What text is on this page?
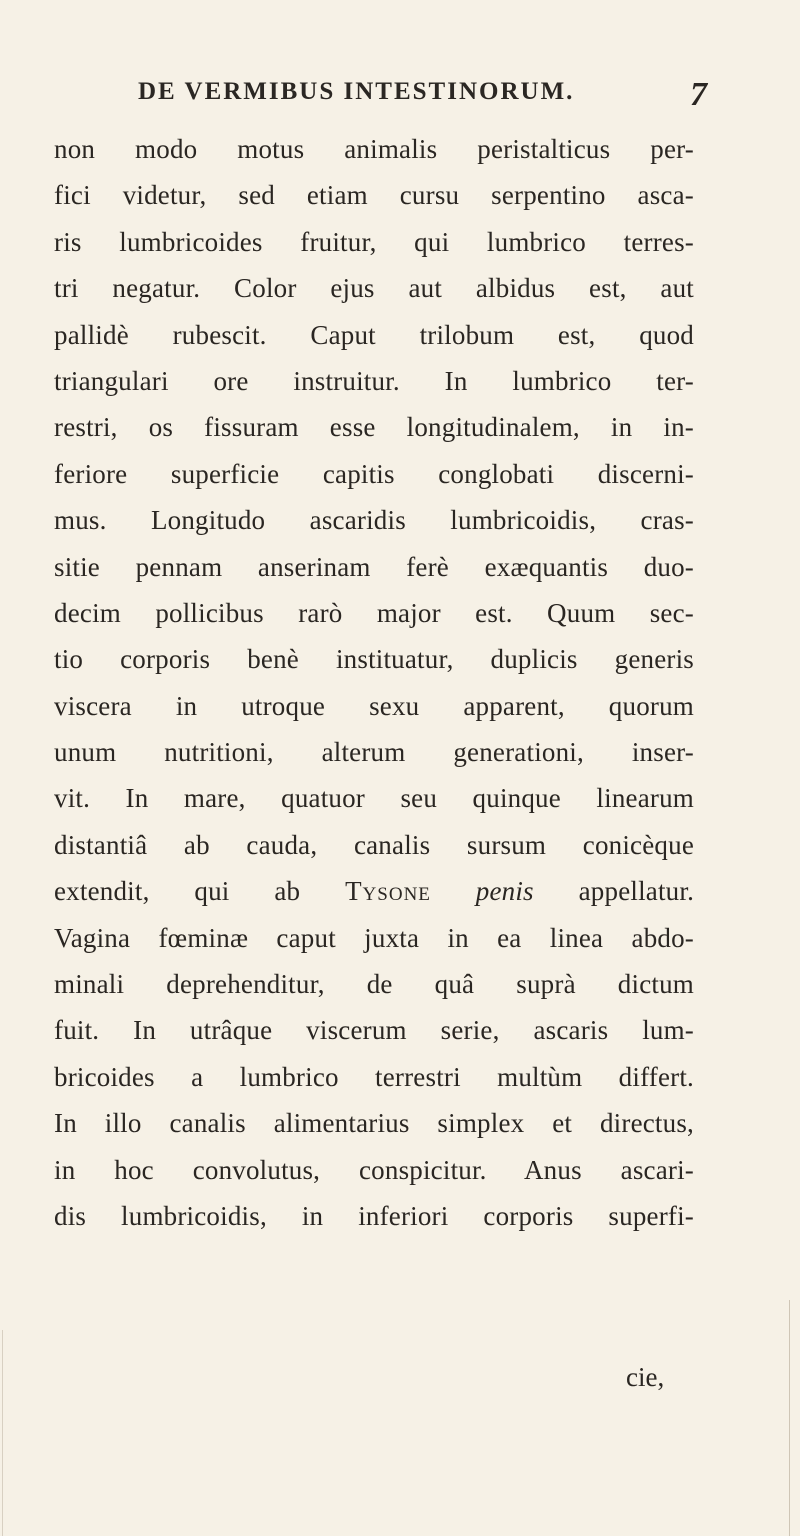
DE VERMIBUS INTESTINORUM.	7
non modo motus animalis peristalticus per-
fici videtur, sed etiam cursu serpentino asca-
ris lumbricoides fruitur, qui lumbrico terres-
tri negatur. Color ejus aut albidus est, aut
pallidè rubescit. Caput trilobum est, quod
triangulari ore instruitur. In lumbrico ter-
restri, os fissuram esse longitudinalem, in in-
feriore superficie capitis conglobati discerni-
mus. Longitudo ascaridis lumbricoidis, cras-
sitie pennam anserinam ferè exæquantis duo-
decim pollicibus rarò major est. Quum sec-
tio corporis benè instituatur, duplicis generis
viscera in utroque sexu apparent, quorum
unum nutritioni, alterum generationi, inser-
vit. In mare, quatuor seu quinque linearum
distantiâ ab cauda, canalis sursum conicèque
extendit, qui ab Tysone penis appellatur.
Vagina fœminæ caput juxta in ea linea abdo-
minali deprehenditur, de quâ suprà dictum
fuit. In utrâque viscerum serie, ascaris lum-
bricoides a lumbrico terrestri multùm differt.
In illo canalis alimentarius simplex et directus,
in hoc convolutus, conspicitur. Anus ascari-
dis lumbricoidis, in inferiori corporis superfi-
cie,
